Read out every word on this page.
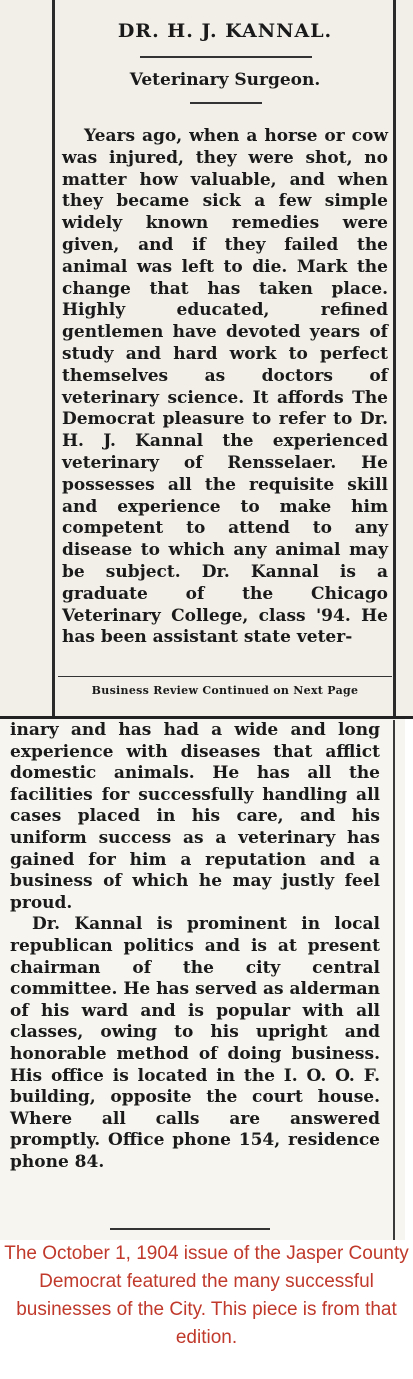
inary and has had a wide and long experience with diseases that afflict domestic animals. He has all the facilities for successfully handling all cases placed in his care, and his uniform success as a veterinary has gained for him a reputation and a business of which he may justly feel proud.

Dr. Kannal is prominent in local republican politics and is at present chairman of the city central committee. He has served as alderman of his ward and is popular with all classes, owing to his upright and honorable method of doing business. His office is located in the I. O. O. F. building, opposite the court house. Where all calls are answered promptly. Office phone 154, residence phone 84.

DR. H. J. KANNAL.
Veterinary Surgeon.

Years ago, when a horse or cow was injured, they were shot, no matter how valuable, and when they became sick a few simple widely known remedies were given, and if they failed the animal was left to die. Mark the change that has taken place. Highly educated, refined gentlemen have devoted years of study and hard work to perfect themselves as doctors of veterinary science. It affords The Democrat pleasure to refer to Dr. H. J. Kannal the experienced veterinary of Rensselaer. He possesses all the requisite skill and experience to make him competent to attend to any disease to which any animal may be subject. Dr. Kannal is a graduate of the Chicago Veterinary College, class '94. He has been assistant state veter-

Business Review Continued on Next Page
The October 1, 1904 issue of the Jasper County Democrat featured the many successful businesses of the City. This piece is from that edition.
